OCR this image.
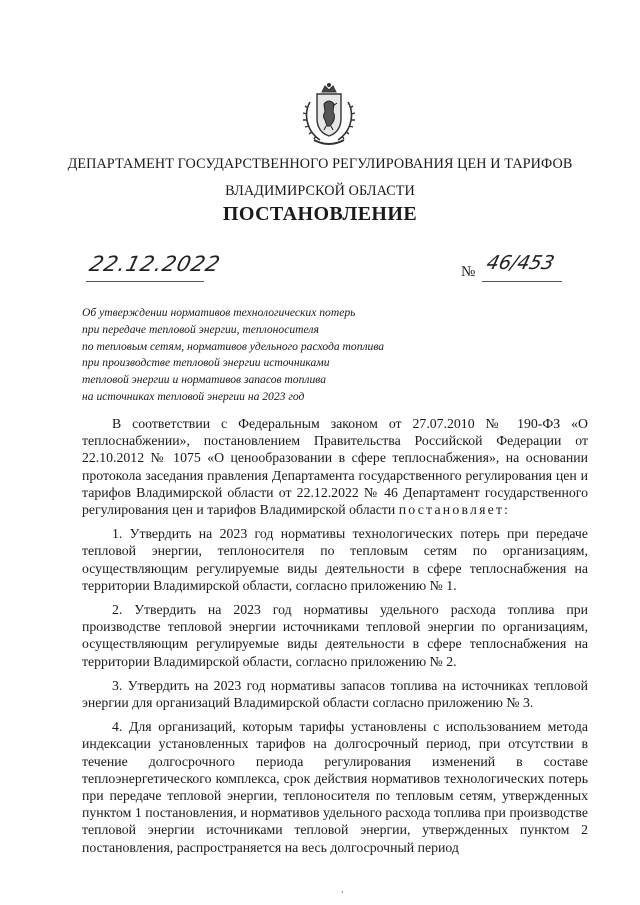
ДЕПАРТАМЕНТ ГОСУДАРСТВЕННОГО РЕГУЛИРОВАНИЯ ЦЕН И ТАРИФОВ
ВЛАДИМИРСКОЙ ОБЛАСТИ
ПОСТАНОВЛЕНИЕ
22.12.2022	№ 46/453
Об утверждении нормативов технологических потерь
при передаче тепловой энергии, теплоносителя
по тепловым сетям, нормативов удельного расхода топлива
при производстве тепловой энергии источниками
тепловой энергии и нормативов запасов топлива
на источниках тепловой энергии на 2023 год

В соответствии с Федеральным законом от 27.07.2010 № 190-ФЗ «О теплоснабжении», постановлением Правительства Российской Федерации от 22.10.2012 № 1075 «О ценообразовании в сфере теплоснабжения», на основании протокола заседания правления Департамента государственного регулирования цен и тарифов Владимирской области от 22.12.2022 № 46 Департамент государственного регулирования цен и тарифов Владимирской области постановляет:

1. Утвердить на 2023 год нормативы технологических потерь при передаче тепловой энергии, теплоносителя по тепловым сетям по организациям, осуществляющим регулируемые виды деятельности в сфере теплоснабжения на территории Владимирской области, согласно приложению № 1.

2. Утвердить на 2023 год нормативы удельного расхода топлива при производстве тепловой энергии источниками тепловой энергии по организациям, осуществляющим регулируемые виды деятельности в сфере теплоснабжения на территории Владимирской области, согласно приложению № 2.

3. Утвердить на 2023 год нормативы запасов топлива на источниках тепловой энергии для организаций Владимирской области согласно приложению № 3.

4. Для организаций, которым тарифы установлены с использованием метода индексации установленных тарифов на долгосрочный период, при отсутствии в течение долгосрочного периода регулирования изменений в составе теплоэнергетического комплекса, срок действия нормативов технологических потерь при передаче тепловой энергии, теплоносителя по тепловым сетям, утвержденных пунктом 1 постановления, и нормативов удельного расхода топлива при производстве тепловой энергии источниками тепловой энергии, утвержденных пунктом 2 постановления, распространяется на весь долгосрочный период

,
